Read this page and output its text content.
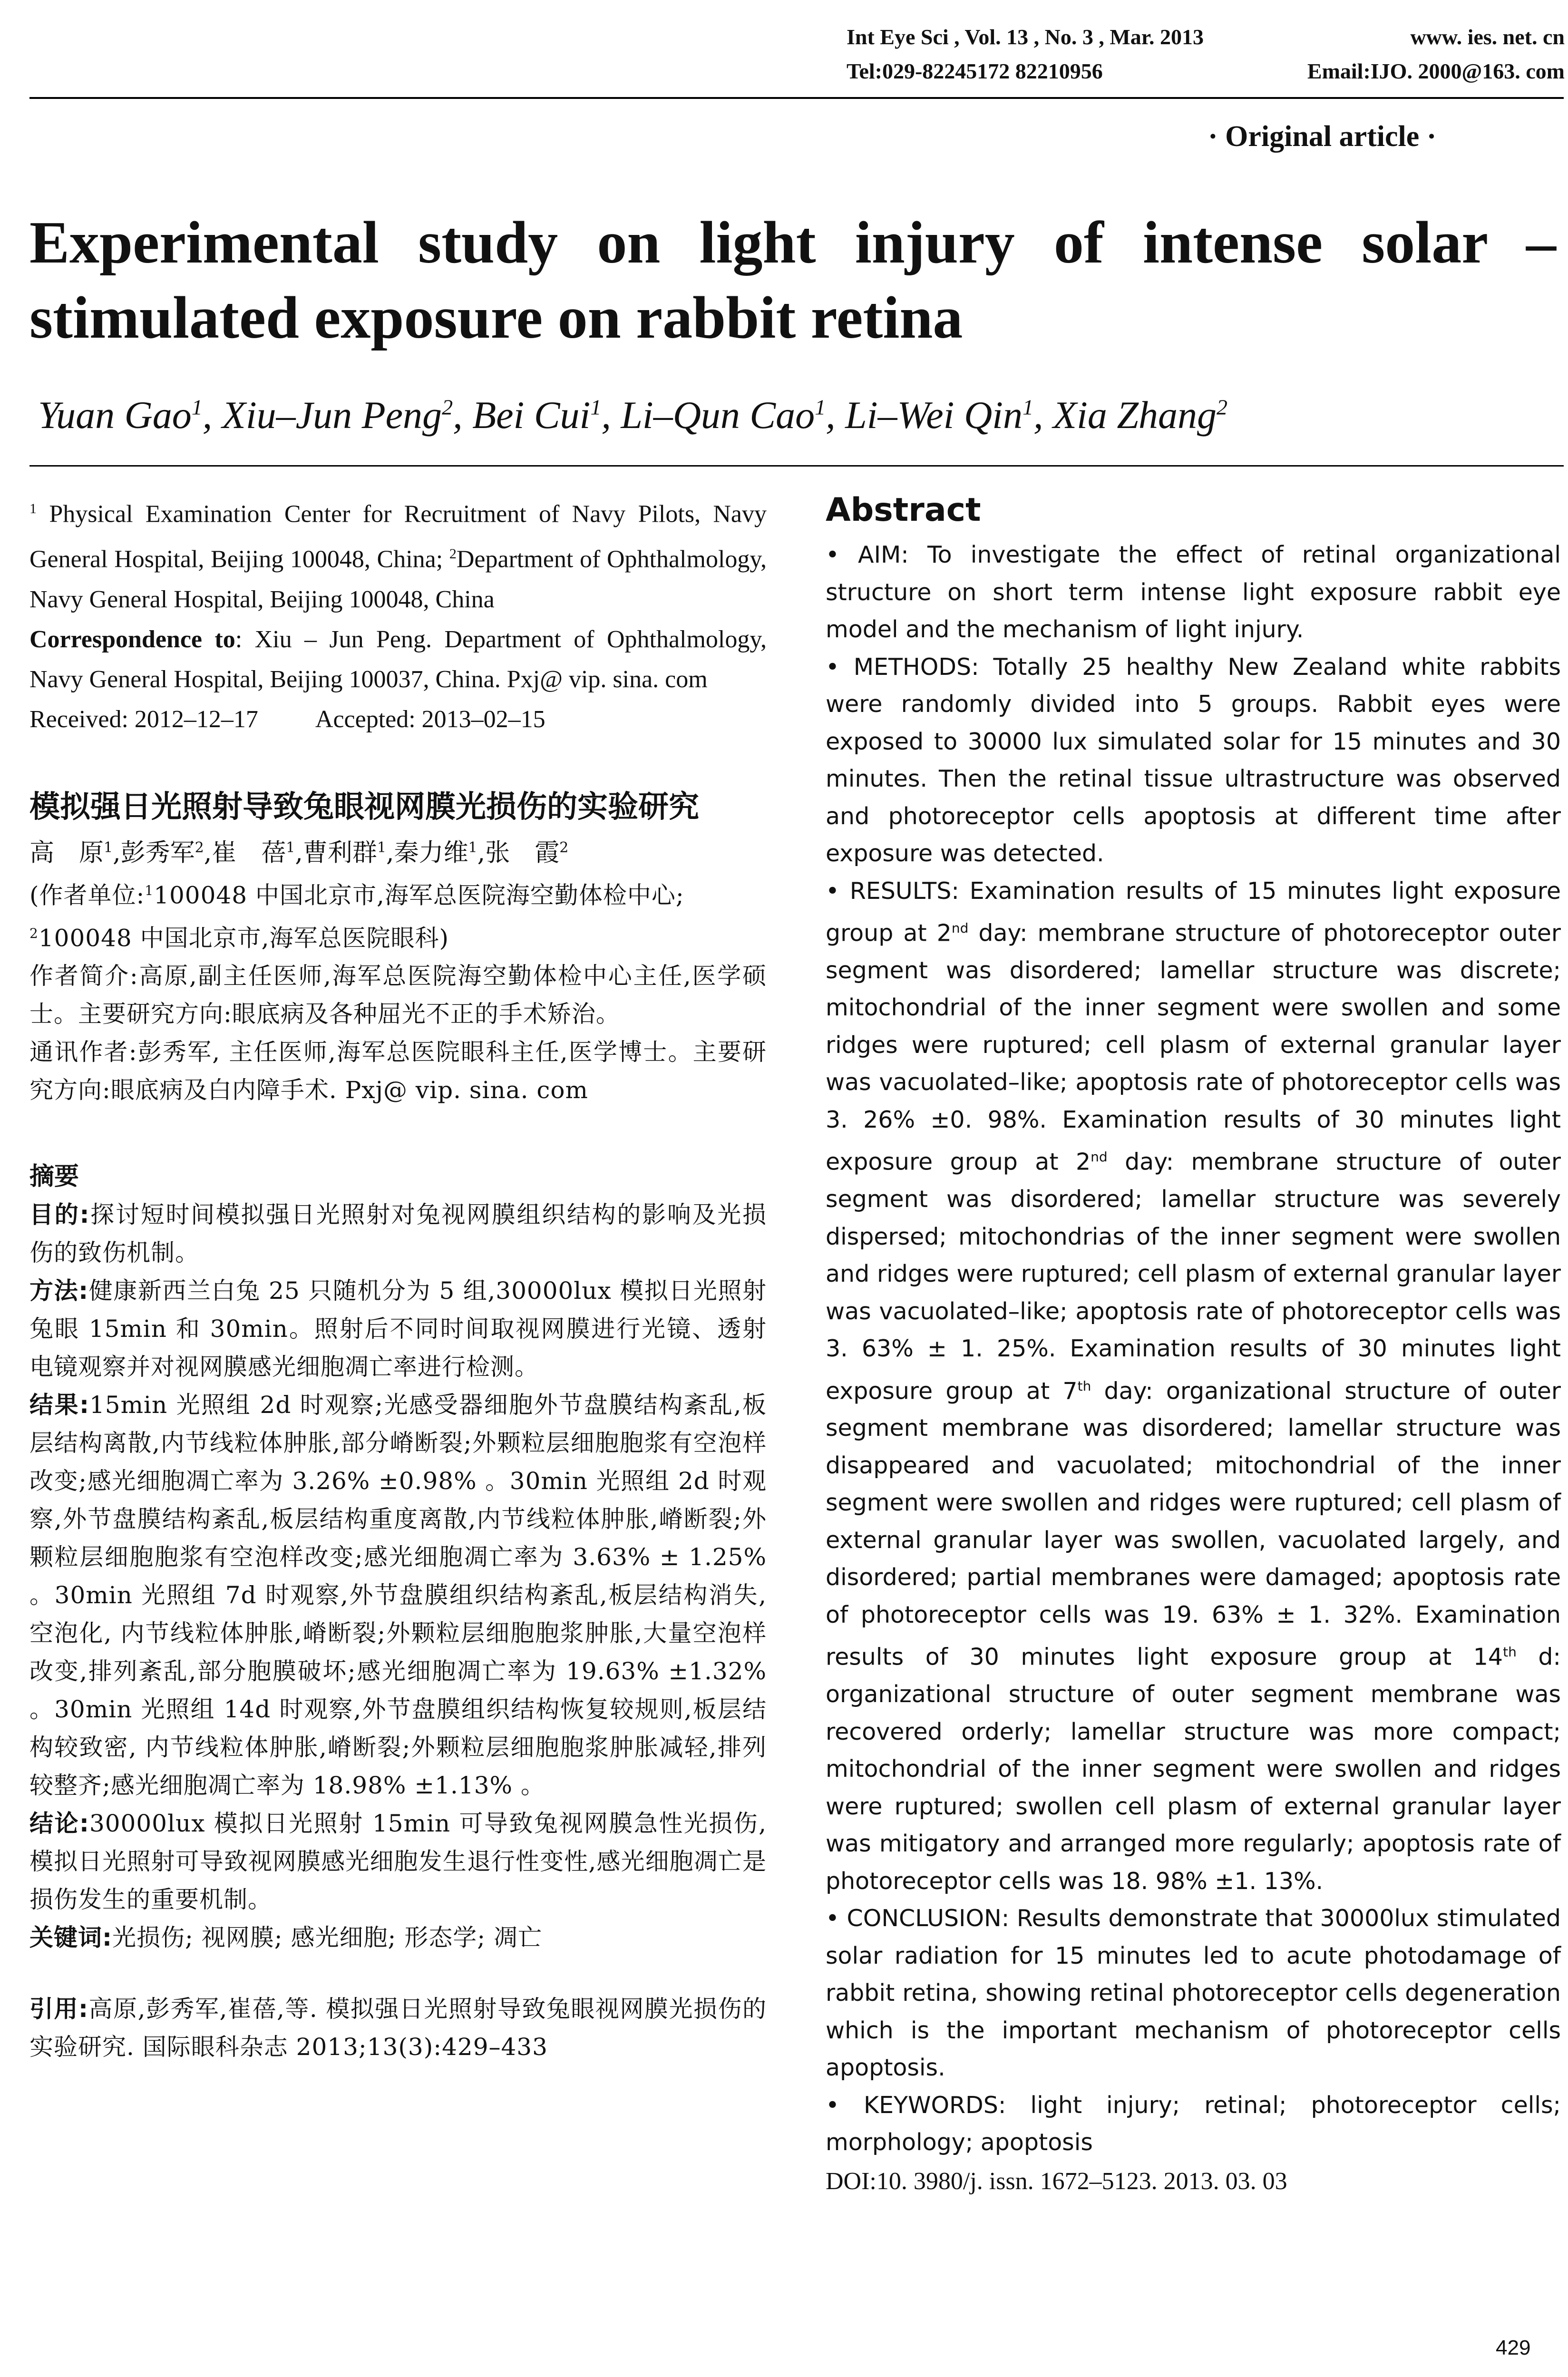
Int Eye Sci , Vol. 13 , No. 3 , Mar. 2013	www. ies. net. cn
Tel:029-82245172 82210956	Email:IJO. 2000@163. com
· Original article ·
Experimental study on light injury of intense solar – stimulated exposure on rabbit retina
Yuan Gao$^1$, Xiu–Jun Peng$^2$, Bei Cui$^1$, Li–Qun Cao$^1$, Li–Wei Qin$^1$, Xia Zhang$^2$

$^1$ Physical Examination Center for Recruitment of Navy Pilots, Navy General Hospital, Beijing 100048, China; $^2$Department of Ophthalmology, Navy General Hospital, Beijing 100048, China

Correspondence to: Xiu – Jun Peng. Department of Ophthalmology, Navy General Hospital, Beijing 100037, China. Pxj@ vip. sina. com

Received: 2012–12–17 Accepted: 2013–02–15
模拟强日光照射导致兔眼视网膜光损伤的实验研究
高　原$^1$,彭秀军$^2$,崔　蓓$^1$,曹利群$^1$,秦力维$^1$,张　霞$^2$

(作者单位:$^1$100048 中国北京市,海军总医院海空勤体检中心;
$^2$100048 中国北京市,海军总医院眼科)

作者简介:高原,副主任医师,海军总医院海空勤体检中心主任,医学硕士。主要研究方向:眼底病及各种屈光不正的手术矫治。

通讯作者:彭秀军, 主任医师,海军总医院眼科主任,医学博士。主要研究方向:眼底病及白内障手术. Pxj@ vip. sina. com

摘要

目的:探讨短时间模拟强日光照射对兔视网膜组织结构的影响及光损伤的致伤机制。

方法:健康新西兰白兔 25 只随机分为 5 组,30000lux 模拟日光照射兔眼 15min 和 30min。照射后不同时间取视网膜进行光镜、透射电镜观察并对视网膜感光细胞凋亡率进行检测。

结果:15min 光照组 2d 时观察;光感受器细胞外节盘膜结构紊乱,板层结构离散,内节线粒体肿胀,部分嵴断裂;外颗粒层细胞胞浆有空泡样改变;感光细胞凋亡率为 3.26% ±0.98% 。30min 光照组 2d 时观察,外节盘膜结构紊乱,板层结构重度离散,内节线粒体肿胀,嵴断裂;外颗粒层细胞胞浆有空泡样改变;感光细胞凋亡率为 3.63% ± 1.25% 。30min 光照组 7d 时观察,外节盘膜组织结构紊乱,板层结构消失,空泡化, 内节线粒体肿胀,嵴断裂;外颗粒层细胞胞浆肿胀,大量空泡样改变,排列紊乱,部分胞膜破坏;感光细胞凋亡率为 19.63% ±1.32% 。30min 光照组 14d 时观察,外节盘膜组织结构恢复较规则,板层结构较致密, 内节线粒体肿胀,嵴断裂;外颗粒层细胞胞浆肿胀减轻,排列较整齐;感光细胞凋亡率为 18.98% ±1.13% 。

结论:30000lux 模拟日光照射 15min 可导致兔视网膜急性光损伤,模拟日光照射可导致视网膜感光细胞发生退行性变性,感光细胞凋亡是损伤发生的重要机制。

关键词:光损伤; 视网膜; 感光细胞; 形态学; 凋亡

引用:高原,彭秀军,崔蓓,等. 模拟强日光照射导致兔眼视网膜光损伤的实验研究. 国际眼科杂志 2013;13(3):429–433

Abstract

• AIM: To investigate the effect of retinal organizational structure on short term intense light exposure rabbit eye model and the mechanism of light injury.

• METHODS: Totally 25 healthy New Zealand white rabbits were randomly divided into 5 groups. Rabbit eyes were exposed to 30000 lux simulated solar for 15 minutes and 30 minutes. Then the retinal tissue ultrastructure was observed and photoreceptor cells apoptosis at different time after exposure was detected.

• RESULTS: Examination results of 15 minutes light exposure group at 2nd day: membrane structure of photoreceptor outer segment was disordered; lamellar structure was discrete; mitochondrial of the inner segment were swollen and some ridges were ruptured; cell plasm of external granular layer was vacuolated–like; apoptosis rate of photoreceptor cells was 3. 26% ±0. 98%. Examination results of 30 minutes light exposure group at 2nd day: membrane structure of outer segment was disordered; lamellar structure was severely dispersed; mitochondrias of the inner segment were swollen and ridges were ruptured; cell plasm of external granular layer was vacuolated–like; apoptosis rate of photoreceptor cells was 3. 63% ± 1. 25%. Examination results of 30 minutes light exposure group at 7th day: organizational structure of outer segment membrane was disordered; lamellar structure was disappeared and vacuolated; mitochondrial of the inner segment were swollen and ridges were ruptured; cell plasm of external granular layer was swollen, vacuolated largely, and disordered; partial membranes were damaged; apoptosis rate of photoreceptor cells was 19. 63% ± 1. 32%. Examination results of 30 minutes light exposure group at 14th d: organizational structure of outer segment membrane was recovered orderly; lamellar structure was more compact; mitochondrial of the inner segment were swollen and ridges were ruptured; swollen cell plasm of external granular layer was mitigatory and arranged more regularly; apoptosis rate of photoreceptor cells was 18. 98% ±1. 13%.

• CONCLUSION: Results demonstrate that 30000lux stimulated solar radiation for 15 minutes led to acute photodamage of rabbit retina, showing retinal photoreceptor cells degeneration which is the important mechanism of photoreceptor cells apoptosis.

• KEYWORDS: light injury; retinal; photoreceptor cells; morphology; apoptosis

DOI:10. 3980/j. issn. 1672–5123. 2013. 03. 03

429
